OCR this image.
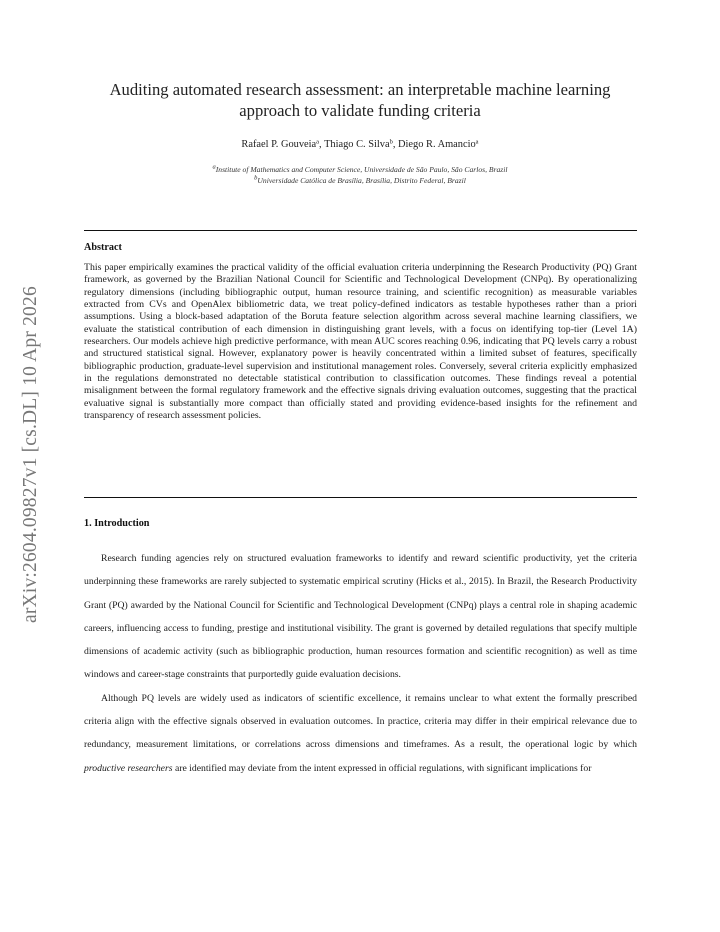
arXiv:2604.09827v1 [cs.DL] 10 Apr 2026
Auditing automated research assessment: an interpretable machine learning approach to validate funding criteria
Rafael P. Gouveia$^a$, Thiago C. Silva$^b$, Diego R. Amancio$^a$
$^a$Institute of Mathematics and Computer Science, Universidade de São Paulo, São Carlos, Brazil
$^b$Universidade Católica de Brasília, Brasília, Distrito Federal, Brazil
Abstract
This paper empirically examines the practical validity of the official evaluation criteria underpinning the Research Productivity (PQ) Grant framework, as governed by the Brazilian National Council for Scientific and Technological Development (CNPq). By operationalizing regulatory dimensions (including bibliographic output, human resource training, and scientific recognition) as measurable variables extracted from CVs and OpenAlex bibliometric data, we treat policy-defined indicators as testable hypotheses rather than a priori assumptions. Using a block-based adaptation of the Boruta feature selection algorithm across several machine learning classifiers, we evaluate the statistical contribution of each dimension in distinguishing grant levels, with a focus on identifying top-tier (Level 1A) researchers. Our models achieve high predictive performance, with mean AUC scores reaching 0.96, indicating that PQ levels carry a robust and structured statistical signal. However, explanatory power is heavily concentrated within a limited subset of features, specifically bibliographic production, graduate-level supervision and institutional management roles. Conversely, several criteria explicitly emphasized in the regulations demonstrated no detectable statistical contribution to classification outcomes. These findings reveal a potential misalignment between the formal regulatory framework and the effective signals driving evaluation outcomes, suggesting that the practical evaluative signal is substantially more compact than officially stated and providing evidence-based insights for the refinement and transparency of research assessment policies.
1. Introduction

Research funding agencies rely on structured evaluation frameworks to identify and reward scientific productivity, yet the criteria underpinning these frameworks are rarely subjected to systematic empirical scrutiny (Hicks et al., 2015). In Brazil, the Research Productivity Grant (PQ) awarded by the National Council for Scientific and Technological Development (CNPq) plays a central role in shaping academic careers, influencing access to funding, prestige and institutional visibility. The grant is governed by detailed regulations that specify multiple dimensions of academic activity (such as bibliographic production, human resources formation and scientific recognition) as well as time windows and career-stage constraints that purportedly guide evaluation decisions.

Although PQ levels are widely used as indicators of scientific excellence, it remains unclear to what extent the formally prescribed criteria align with the effective signals observed in evaluation outcomes. In practice, criteria may differ in their empirical relevance due to redundancy, measurement limitations, or correlations across dimensions and timeframes. As a result, the operational logic by which productive researchers are identified may deviate from the intent expressed in official regulations, with significant implications for
